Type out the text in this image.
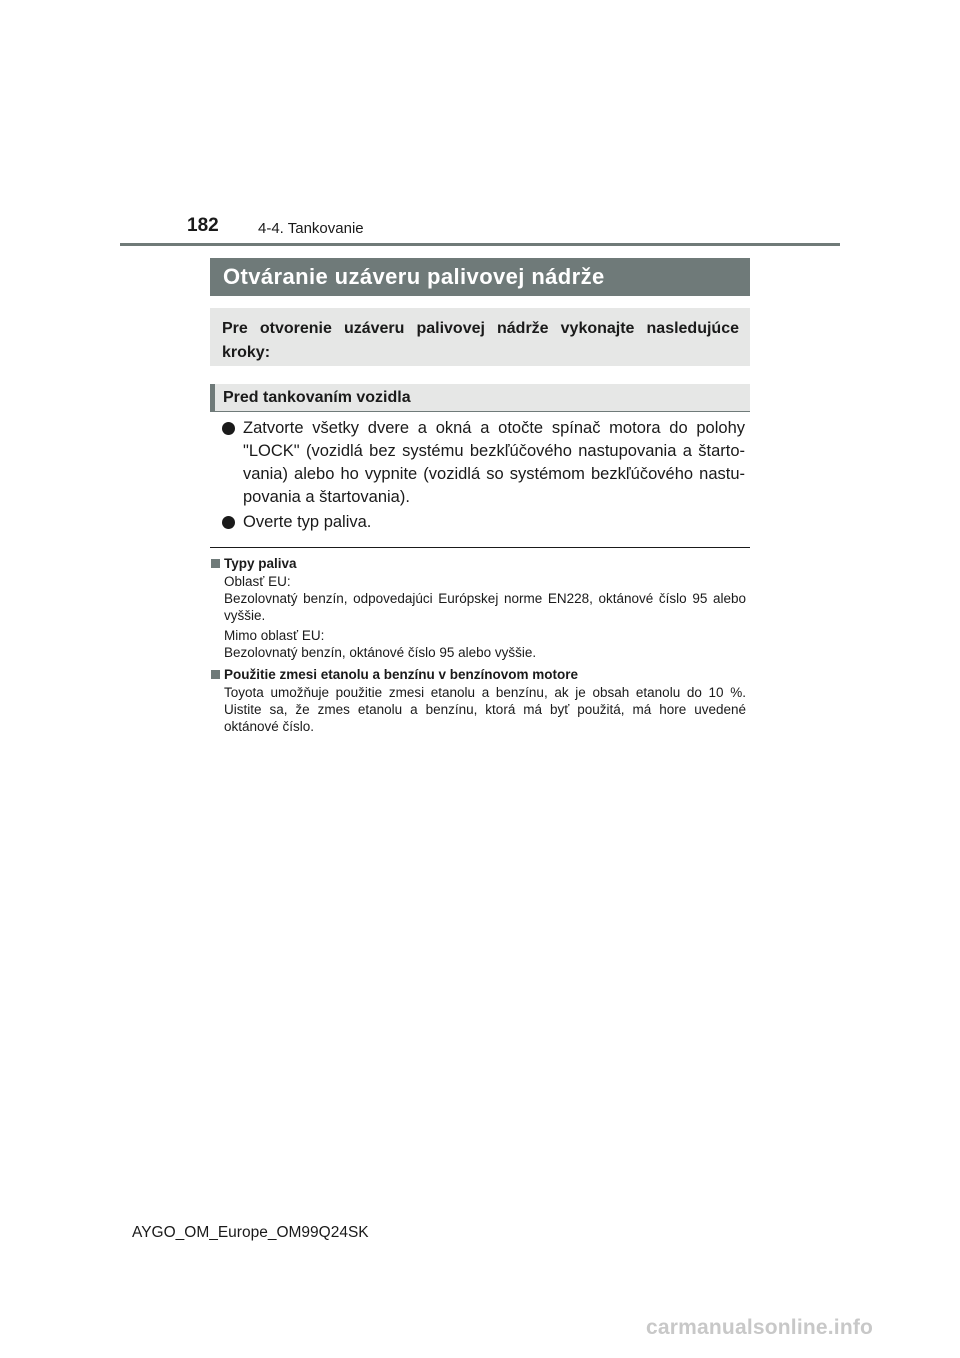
182	4-4. Tankovanie
Otváranie uzáveru palivovej nádrže
Pre otvorenie uzáveru palivovej nádrže vykonajte nasledujúce kroky:
Pred tankovaním vozidla
Zatvorte všetky dvere a okná a otočte spínač motora do polohy "LOCK" (vozidlá bez systému bezkľúčového nastupovania a štarto-vania) alebo ho vypnite (vozidlá so systémom bezkľúčového nastu-povania a štartovania).
Overte typ paliva.
Typy paliva

Oblasť EU:

Bezolovnatý benzín, odpovedajúci Európskej norme EN228, oktánové číslo 95 alebo vyššie.

Mimo oblasť EU:

Bezolovnatý benzín, oktánové číslo 95 alebo vyššie.

Použitie zmesi etanolu a benzínu v benzínovom motore

Toyota umožňuje použitie zmesi etanolu a benzínu, ak je obsah etanolu do 10 %. Uistite sa, že zmes etanolu a benzínu, ktorá má byť použitá, má hore uvedené oktánové číslo.

AYGO_OM_Europe_OM99Q24SK
carmanualsonline.info
